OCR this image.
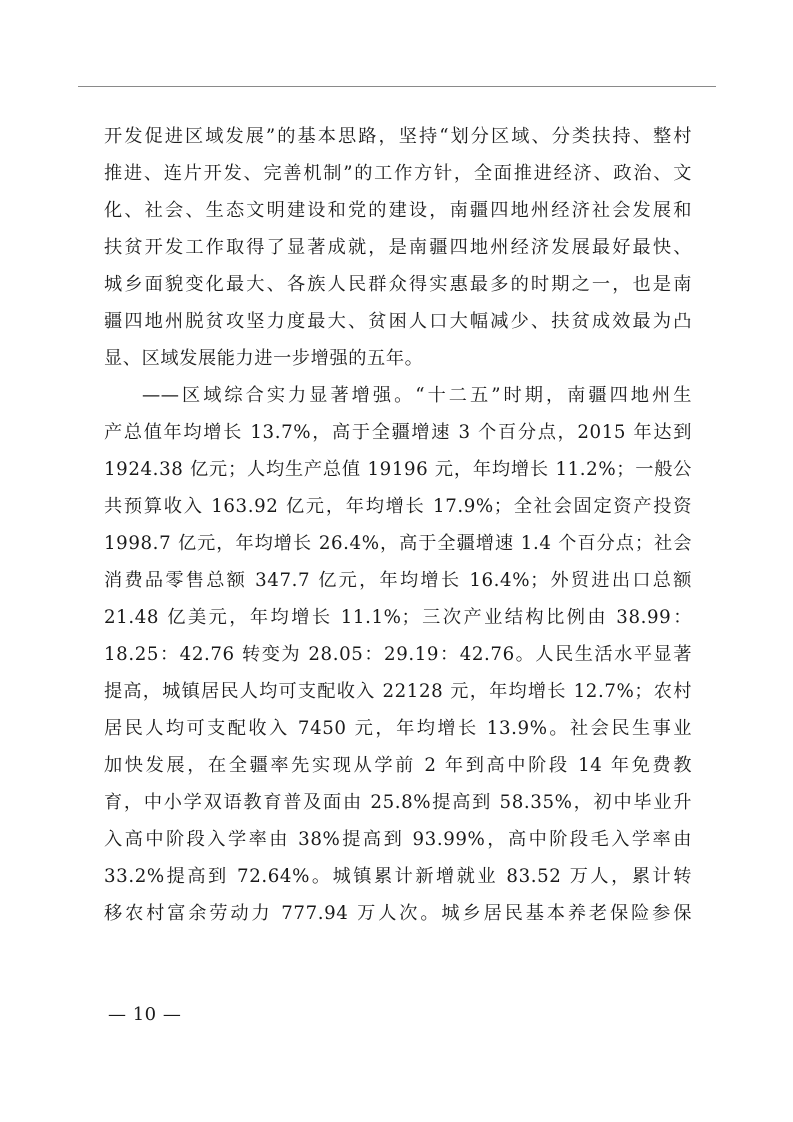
开发促进区域发展”的基本思路，坚持“划分区域、分类扶持、整村
推进、连片开发、完善机制”的工作方针，全面推进经济、政治、文
化、社会、生态文明建设和党的建设，南疆四地州经济社会发展和
扶贫开发工作取得了显著成就，是南疆四地州经济发展最好最快、
城乡面貌变化最大、各族人民群众得实惠最多的时期之一，也是南
疆四地州脱贫攻坚力度最大、贫困人口大幅减少、扶贫成效最为凸
显、区域发展能力进一步增强的五年。
——区域综合实力显著增强。“十二五”时期，南疆四地州生
产总值年均增长 13.7%，高于全疆增速 3 个百分点，2015 年达到
1924.38 亿元；人均生产总值 19196 元，年均增长 11.2%；一般公
共预算收入 163.92 亿元，年均增长 17.9%；全社会固定资产投资
1998.7 亿元，年均增长 26.4%，高于全疆增速 1.4 个百分点；社会
消费品零售总额 347.7 亿元，年均增长 16.4%；外贸进出口总额
21.48 亿美元，年均增长 11.1%；三次产业结构比例由 38.99：
18.25：42.76 转变为 28.05：29.19：42.76。人民生活水平显著
提高，城镇居民人均可支配收入 22128 元，年均增长 12.7%；农村
居民人均可支配收入 7450 元，年均增长 13.9%。社会民生事业
加快发展，在全疆率先实现从学前 2 年到高中阶段 14 年免费教
育，中小学双语教育普及面由 25.8%提高到 58.35%，初中毕业升
入高中阶段入学率由 38%提高到 93.99%，高中阶段毛入学率由
33.2%提高到 72.64%。城镇累计新增就业 83.52 万人，累计转
移农村富余劳动力 777.94 万人次。城乡居民基本养老保险参保
— 10 —
